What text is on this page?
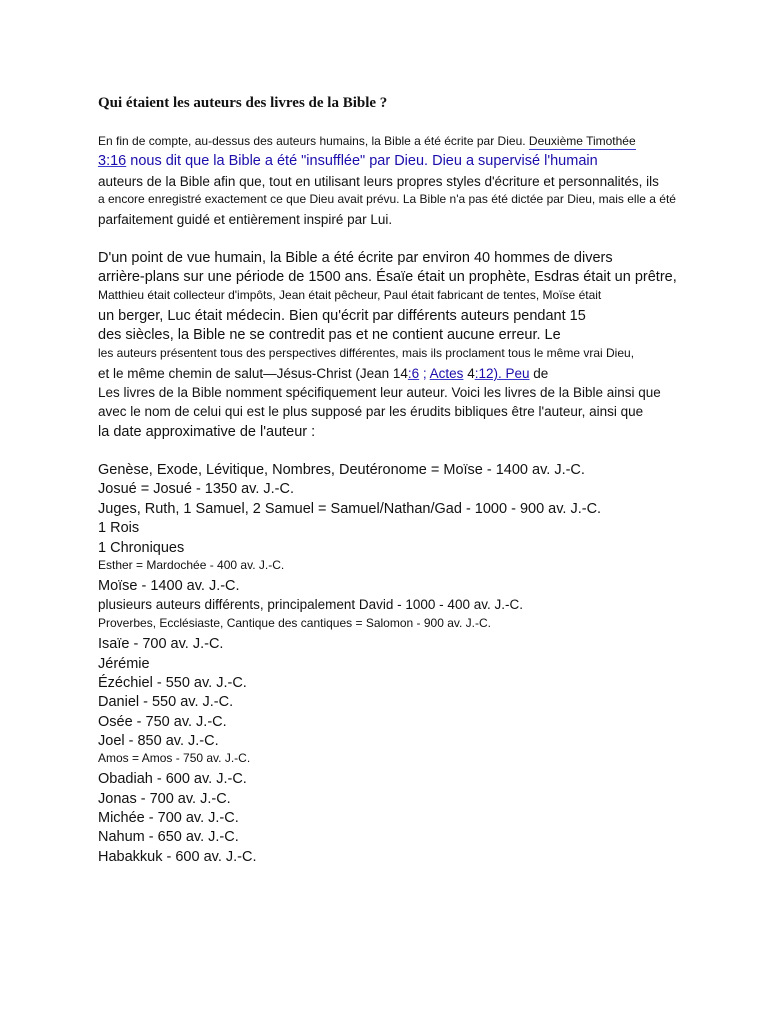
Qui étaient les auteurs des livres de la Bible ?
En fin de compte, au-dessus des auteurs humains, la Bible a été écrite par Dieu. Deuxième Timothée
3:16 nous dit que la Bible a été "insufflée" par Dieu. Dieu a supervisé l'humain
auteurs de la Bible afin que, tout en utilisant leurs propres styles d'écriture et personnalités, ils
a encore enregistré exactement ce que Dieu avait prévu. La Bible n'a pas été dictée par Dieu, mais elle a été
parfaitement guidé et entièrement inspiré par Lui.
D'un point de vue humain, la Bible a été écrite par environ 40 hommes de divers
arrière-plans sur une période de 1500 ans. Ésaïe était un prophète, Esdras était un prêtre,
Matthieu était collecteur d'impôts, Jean était pêcheur, Paul était fabricant de tentes, Moïse était
un berger, Luc était médecin. Bien qu'écrit par différents auteurs pendant 15
des siècles, la Bible ne se contredit pas et ne contient aucune erreur. Le
les auteurs présentent tous des perspectives différentes, mais ils proclament tous le même vrai Dieu,
et le même chemin de salut—Jésus-Christ (Jean 14:6 ; Actes 4:12). Peu de
Les livres de la Bible nomment spécifiquement leur auteur. Voici les livres de la Bible ainsi que
avec le nom de celui qui est le plus supposé par les érudits bibliques être l'auteur, ainsi que
la date approximative de l'auteur :
Genèse, Exode, Lévitique, Nombres, Deutéronome = Moïse - 1400 av. J.-C.
Josué = Josué - 1350 av. J.-C.
Juges, Ruth, 1 Samuel, 2 Samuel = Samuel/Nathan/Gad - 1000 - 900 av. J.-C.
1 Rois
1 Chroniques
Esther = Mardochée - 400 av. J.-C.
Moïse - 1400 av. J.-C.
plusieurs auteurs différents, principalement David - 1000 - 400 av. J.-C.
Proverbes, Ecclésiaste, Cantique des cantiques = Salomon - 900 av. J.-C.
Isaïe - 700 av. J.-C.
Jérémie
Ézéchiel - 550 av. J.-C.
Daniel - 550 av. J.-C.
Osée - 750 av. J.-C.
Joel - 850 av. J.-C.
Amos = Amos - 750 av. J.-C.
Obadiah - 600 av. J.-C.
Jonas - 700 av. J.-C.
Michée - 700 av. J.-C.
Nahum - 650 av. J.-C.
Habakkuk - 600 av. J.-C.
